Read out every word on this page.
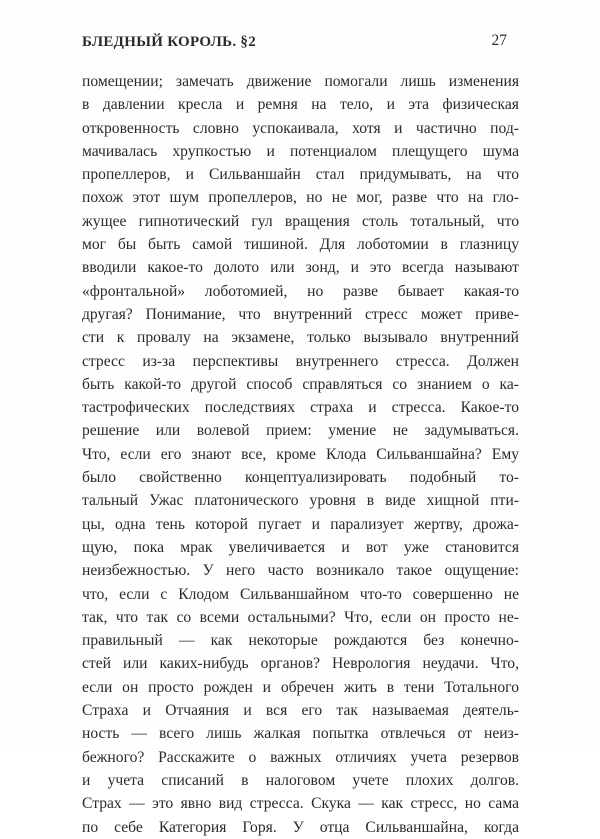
БЛЕДНЫЙ КОРОЛЬ. §2	27
помещении; замечать движение помогали лишь изменения
в давлении кресла и ремня на тело, и эта физическая
откровенность словно успокаивала, хотя и частично под-
мачивалась хрупкостью и потенциалом плещущего шума
пропеллеров, и Сильваншайн стал придумывать, на что
похож этот шум пропеллеров, но не мог, разве что на гло-
жущее гипнотический гул вращения столь тотальный, что
мог бы быть самой тишиной. Для лоботомии в глазницу
вводили какое-то долото или зонд, и это всегда называют
«фронтальной» лоботомией, но разве бывает какая-то
другая? Понимание, что внутренний стресс может приве-
сти к провалу на экзамене, только вызывало внутренний
стресс из-за перспективы внутреннего стресса. Должен
быть какой-то другой способ справляться со знанием о ка-
тастрофических последствиях страха и стресса. Какое-то
решение или волевой прием: умение не задумываться.
Что, если его знают все, кроме Клода Сильваншайна? Ему
было свойственно концептуализировать подобный то-
тальный Ужас платонического уровня в виде хищной пти-
цы, одна тень которой пугает и парализует жертву, дрожа-
щую, пока мрак увеличивается и вот уже становится
неизбежностью. У него часто возникало такое ощущение:
что, если с Клодом Сильваншайном что-то совершенно не
так, что так со всеми остальными? Что, если он просто не-
правильный — как некоторые рождаются без конечно-
стей или каких-нибудь органов? Неврология неудачи. Что,
если он просто рожден и обречен жить в тени Тотального
Страха и Отчаяния и вся его так называемая деятель-
ность — всего лишь жалкая попытка отвлечься от неиз-
бежного? Расскажите о важных отличиях учета резервов
и учета списаний в налоговом учете плохих долгов.
Страх — это явно вид стресса. Скука — как стресс, но сама
по себе Категория Горя. У отца Сильваншайна, когда
